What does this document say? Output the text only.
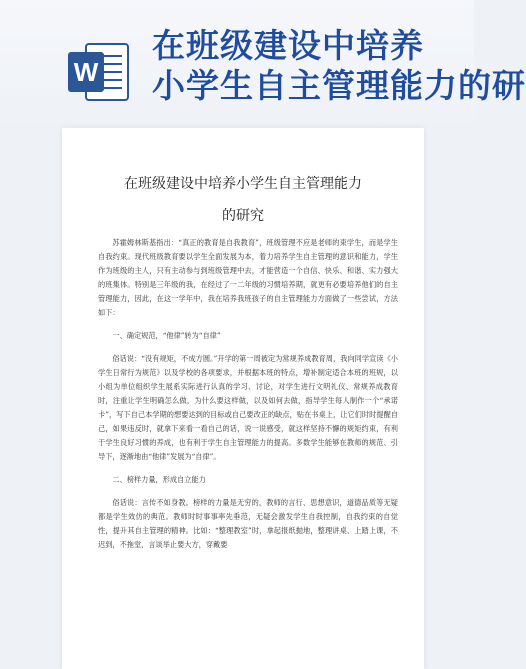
W
在班级建设中培养
小学生自主管理能力的研
在班级建设中培养小学生自主管理能力
的研究

苏霍姆林斯基指出：“真正的教育是自我教育”，班级管理不应是老师的束学生，而是学生自我约束。现代班级教育要以学生全面发展为本，着力培养学生自主管理的意识和能力，学生作为班级的主人，只有主动参与到班级管理中去，才能营造一个自信、快乐、和谐、实力强大的班集体。特别是三年级的我，在经过了一二年级的习惯培养期，就更有必要培养他们的自主管理能力，因此，在这一学年中，我在培养我班孩子的自主管理能力方面做了一些尝试，方法如下：

一、确定规范，“他律”转为“自律”

俗话说：“没有规矩，不成方圆。”开学的第一周被定为常规养成教育周，我向同学宣读《小学生日常行为规范》以及学校的各项要求，并根据本班的特点，增补制定适合本班的班规，以小组为单位组织学生展系实际进行认真的学习、讨论，对学生进行文明礼仪、常规养成教育时，注重让学生明确怎么做，为什么要这样做，以及如何去做，指导学生每人制作一个“承诺卡”，写下自己本学期的想要达到的目标或自己要改正的缺点，贴在书桌上，让它们时时提醒自己，如果违反时，就拿下来看一看自己的话，说一说感受，就这样坚持不懈的规矩约束，有利于学生良好习惯的养成，也有利于学生自主管理能力的提高。多数学生能够在教师的规范、引导下，逐渐地由“他律”发展为“自律”。

二、榜样力量，形成自立能力

俗话说：言传不如身教。榜样的力量是无穷的，教师的言行、思想意识，道德品质等无疑都是学生效仿的典范。教师时时事事率先垂范，无疑会激发学生自我控制，自我约束的自觉性，提升其自主管理的精神。比如：“整理教室”时，拿起报纸抛地，整理讲桌、上踏上课，不迟到，不拖堂，言谈举止要大方，穿戴要
